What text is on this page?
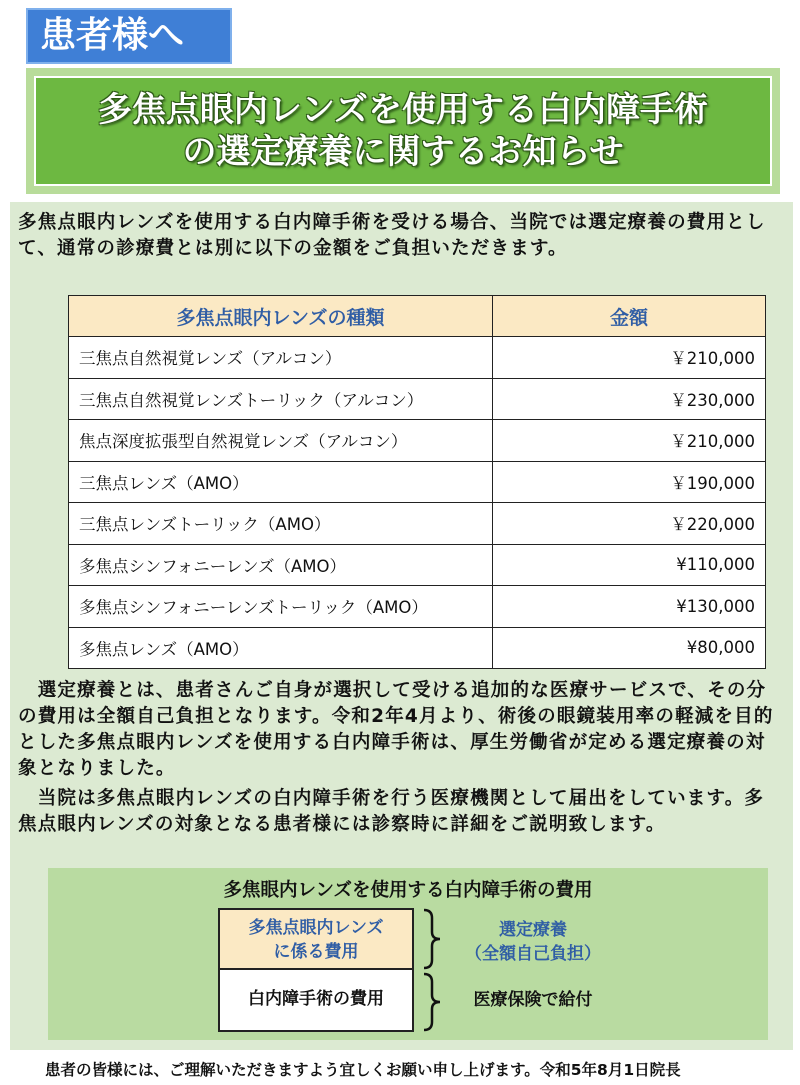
患者様へ
多焦点眼内レンズを使用する白内障手術
の選定療養に関するお知らせ
多焦点眼内レンズを使用する白内障手術を受ける場合、当院では選定療養の費用として、通常の診療費とは別に以下の金額をご負担いただきます。
多焦点眼内レンズの種類	金額
三焦点自然視覚レンズ（アルコン）	￥210,000
三焦点自然視覚レンズトーリック（アルコン）	￥230,000
焦点深度拡張型自然視覚レンズ（アルコン）	￥210,000
三焦点レンズ（AMO）	￥190,000
三焦点レンズトーリック（AMO）	￥220,000
多焦点シンフォニーレンズ（AMO）	¥110,000
多焦点シンフォニーレンズトーリック（AMO）	¥130,000
多焦点レンズ（AMO）	¥80,000
　選定療養とは、患者さんご自身が選択して受ける追加的な医療サービスで、その分の費用は全額自己負担となります。令和2年4月より、術後の眼鏡装用率の軽減を目的とした多焦点眼内レンズを使用する白内障手術は、厚生労働省が定める選定療養の対象となりました。
　当院は多焦点眼内レンズの白内障手術を行う医療機関として届出をしています。多焦点眼内レンズの対象となる患者様には診察時に詳細をご説明致します。
多焦眼内レンズを使用する白内障手術の費用
多焦点眼内レンズ
に係る費用
白内障手術の費用
選定療養
（全額自己負担）
医療保険で給付
患者の皆様には、ご理解いただきますよう宜しくお願い申し上げます。令和5年8月1日院長
